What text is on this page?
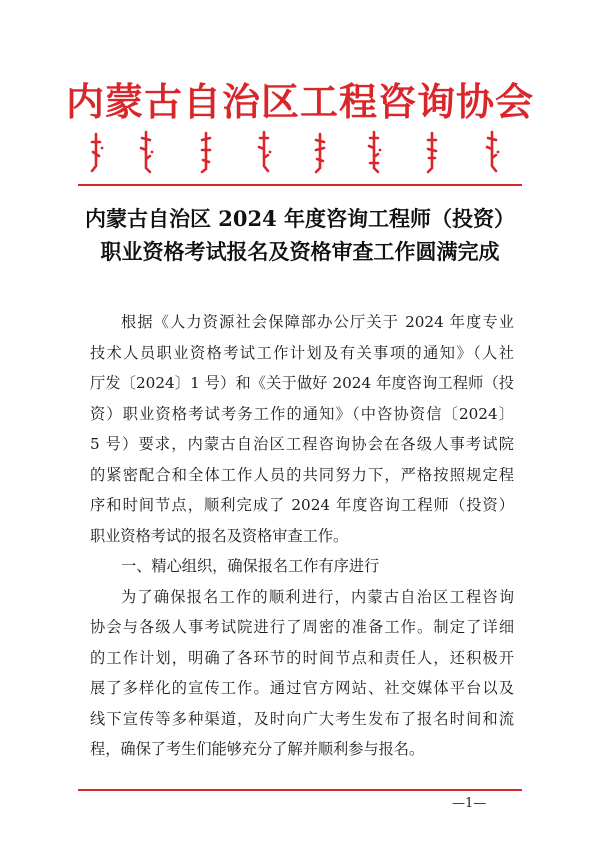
内蒙古自治区工程咨询协会
内蒙古自治区 2024 年度咨询工程师（投资）
职业资格考试报名及资格审查工作圆满完成
根据《人力资源社会保障部办公厅关于 2024 年度专业
技术人员职业资格考试工作计划及有关事项的通知》（人社
厅发〔2024〕1 号）和《关于做好 2024 年度咨询工程师（投
资）职业资格考试考务工作的通知》（中咨协资信〔2024〕
5 号）要求，内蒙古自治区工程咨询协会在各级人事考试院
的紧密配合和全体工作人员的共同努力下，严格按照规定程
序和时间节点，顺利完成了 2024 年度咨询工程师（投资）
职业资格考试的报名及资格审查工作。
一、精心组织，确保报名工作有序进行
为了确保报名工作的顺利进行，内蒙古自治区工程咨询
协会与各级人事考试院进行了周密的准备工作。制定了详细
的工作计划，明确了各环节的时间节点和责任人，还积极开
展了多样化的宣传工作。通过官方网站、社交媒体平台以及
线下宣传等多种渠道，及时向广大考生发布了报名时间和流
程，确保了考生们能够充分了解并顺利参与报名。
—1—
